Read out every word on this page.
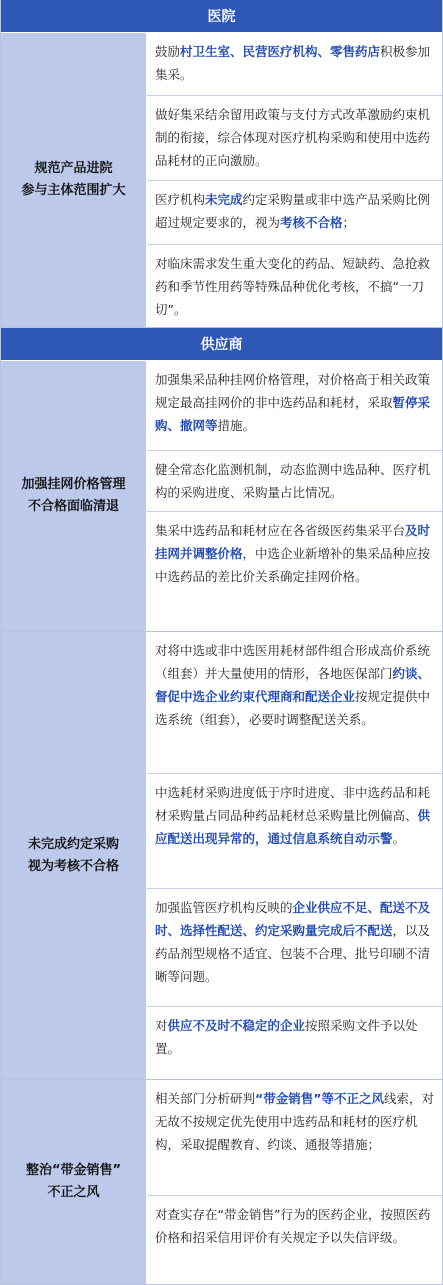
医院
规范产品进院
参与主体范围扩大
鼓励村卫生室、民营医疗机构、零售药店积极参加集采。
做好集采结余留用政策与支付方式改革激励约束机制的衔接，综合体现对医疗机构采购和使用中选药品耗材的正向激励。
医疗机构未完成约定采购量或非中选产品采购比例超过规定要求的，视为考核不合格；
对临床需求发生重大变化的药品、短缺药、急抢救药和季节性用药等特殊品种优化考核，不搞“一刀切”。
供应商
加强挂网价格管理
不合格面临清退
加强集采品种挂网价格管理，对价格高于相关政策规定最高挂网价的非中选药品和耗材，采取暂停采购、撤网等措施。
健全常态化监测机制，动态监测中选品种、医疗机构的采购进度、采购量占比情况。
集采中选药品和耗材应在各省级医药集采平台及时挂网并调整价格，中选企业新增补的集采品种应按中选药品的差比价关系确定挂网价格。
未完成约定采购
视为考核不合格
对将中选或非中选医用耗材部件组合形成高价系统（组套）并大量使用的情形，各地医保部门约谈、督促中选企业约束代理商和配送企业按规定提供中选系统（组套），必要时调整配送关系。
中选耗材采购进度低于序时进度、非中选药品和耗材采购量占同品种药品耗材总采购量比例偏高、供应配送出现异常的，通过信息系统自动示警。
加强监管医疗机构反映的企业供应不足、配送不及时、选择性配送、约定采购量完成后不配送，以及药品剂型规格不适宜、包装不合理、批号印刷不清晰等问题。
对供应不及时不稳定的企业按照采购文件予以处置。
整治“带金销售”
不正之风
相关部门分析研判“带金销售”等不正之风线索，对无故不按规定优先使用中选药品和耗材的医疗机构，采取提醒教育、约谈、通报等措施；
对查实存在“带金销售”行为的医药企业，按照医药价格和招采信用评价有关规定予以失信评级。
